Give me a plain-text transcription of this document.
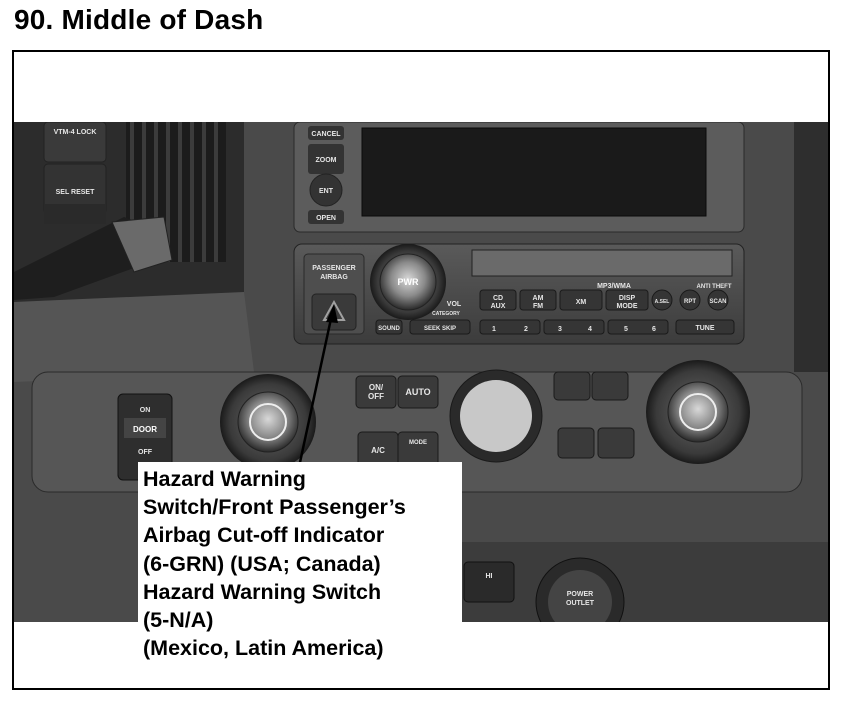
90. Middle of Dash
VTM-4 LOCK
SEL RESET
CANCEL
ZOOM
ENT
OPEN
PASSENGER
AIRBAG	PWR
VOL
CATEGORY
SOUND	SEEK SKIP
MP3/WMA	ANTI THEFT
CD
AUX
AM
FM
XM
DISP
MODE
A.SEL RPT SCAN
TUNE
1	2	3	4	5	6
ON/
OFF AUTO
A/C
MODE
ON
DOOR
OFF
HI
POWER
OUTLET
Hazard Warning
Switch/Front Passenger’s
Airbag Cut-off Indicator
(6-GRN) (USA; Canada)
Hazard Warning Switch
(5-N/A)
(Mexico, Latin America)
